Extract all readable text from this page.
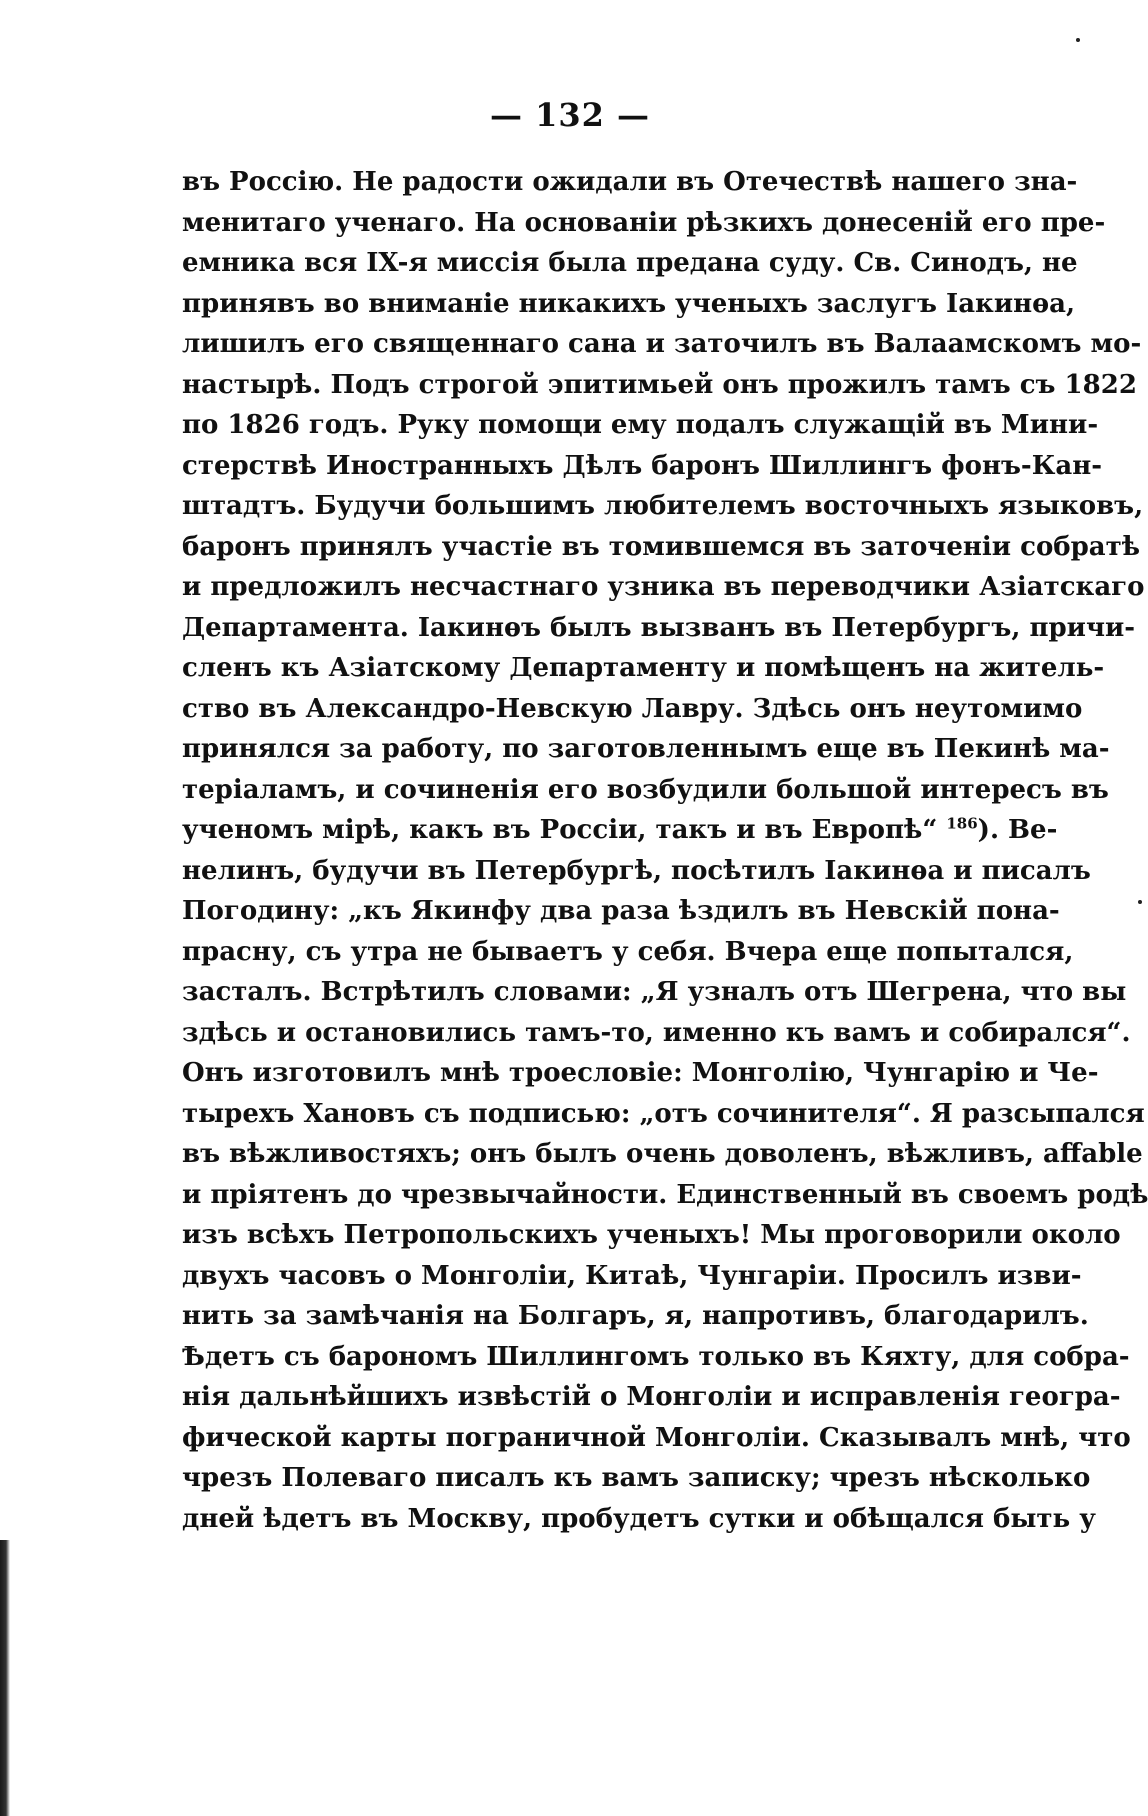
— 132 —
въ Россію. Не радости ожидали въ Отечествѣ нашего зна-
менитаго ученаго. На основаніи рѣзкихъ донесеній его пре-
емника вся IX-я миссія была предана суду. Св. Синодъ, не
принявъ во вниманіе никакихъ ученыхъ заслугъ Іакинѳа,
лишилъ его священнаго сана и заточилъ въ Валаамскомъ мо-
настырѣ. Подъ строгой эпитимьей онъ прожилъ тамъ съ 1822
по 1826 годъ. Руку помощи ему подалъ служащій въ Мини-
стерствѣ Иностранныхъ Дѣлъ баронъ Шиллингъ фонъ-Кан-
штадтъ. Будучи большимъ любителемъ восточныхъ языковъ,
баронъ принялъ участіе въ томившемся въ заточеніи собратѣ
и предложилъ несчастнаго узника въ переводчики Азіатскаго
Департамента. Іакинѳъ былъ вызванъ въ Петербургъ, причи-
сленъ къ Азіатскому Департаменту и помѣщенъ на житель-
ство въ Александро-Невскую Лавру. Здѣсь онъ неутомимо
принялся за работу, по заготовленнымъ еще въ Пекинѣ ма-
теріаламъ, и сочиненія его возбудили большой интересъ въ
ученомъ мірѣ, какъ въ Россіи, такъ и въ Европѣ“ $^{186}$). Ве-
нелинъ, будучи въ Петербургѣ, посѣтилъ Іакинѳа и писалъ
Погодину: „къ Якинфу два раза ѣздилъ въ Невскій пона-
прасну, съ утра не бываетъ у себя. Вчера еще попытался,
засталъ. Встрѣтилъ словами: „Я узналъ отъ Шегрена, что вы
здѣсь и остановились тамъ-то, именно къ вамъ и собирался“.
Онъ изготовилъ мнѣ троесловіе: Монголію, Чунгарію и Че-
тырехъ Хановъ съ подписью: „отъ сочинителя“. Я разсыпался
въ вѣжливостяхъ; онъ былъ очень доволенъ, вѣжливъ, affable
и пріятенъ до чрезвычайности. Единственный въ своемъ родѣ
изъ всѣхъ Петропольскихъ ученыхъ! Мы проговорили около
двухъ часовъ о Монголіи, Китаѣ, Чунгаріи. Просилъ изви-
нить за замѣчанія на Болгаръ, я, напротивъ, благодарилъ.
Ѣдетъ съ барономъ Шиллингомъ только въ Кяхту, для собра-
нія дальнѣйшихъ извѣстій о Монголіи и исправленія геогра-
фической карты пограничной Монголіи. Сказывалъ мнѣ, что
чрезъ Полеваго писалъ къ вамъ записку; чрезъ нѣсколько
дней ѣдетъ въ Москву, пробудетъ сутки и обѣщался быть у
